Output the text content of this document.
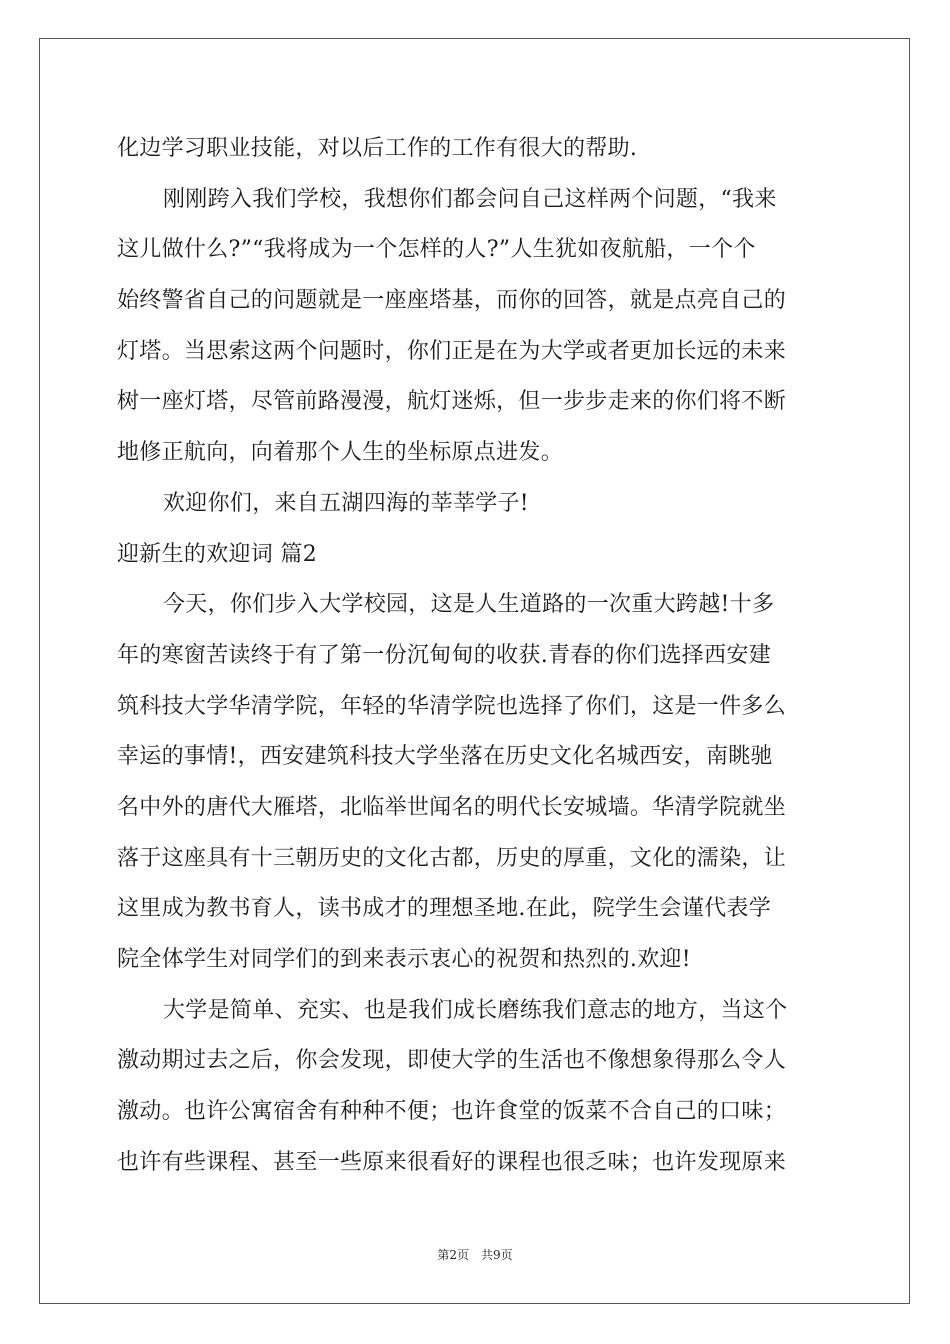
化边学习职业技能，对以后工作的工作有很大的帮助.
刚刚跨入我们学校，我想你们都会问自己这样两个问题，“我来
这儿做什么?”“我将成为一个怎样的人?”人生犹如夜航船，一个个
始终警省自己的问题就是一座座塔基，而你的回答，就是点亮自己的
灯塔。当思索这两个问题时，你们正是在为大学或者更加长远的未来
树一座灯塔，尽管前路漫漫，航灯迷烁，但一步步走来的你们将不断
地修正航向，向着那个人生的坐标原点进发。
欢迎你们，来自五湖四海的莘莘学子!
迎新生的欢迎词 篇2
今天，你们步入大学校园，这是人生道路的一次重大跨越!十多
年的寒窗苦读终于有了第一份沉甸甸的收获.青春的你们选择西安建
筑科技大学华清学院，年轻的华清学院也选择了你们，这是一件多么
幸运的事情!，西安建筑科技大学坐落在历史文化名城西安，南眺驰
名中外的唐代大雁塔，北临举世闻名的明代长安城墙。华清学院就坐
落于这座具有十三朝历史的文化古都，历史的厚重，文化的濡染，让
这里成为教书育人，读书成才的理想圣地.在此，院学生会谨代表学
院全体学生对同学们的到来表示衷心的祝贺和热烈的.欢迎!
大学是简单、充实、也是我们成长磨练我们意志的地方，当这个
激动期过去之后，你会发现，即使大学的生活也不像想象得那么令人
激动。也许公寓宿舍有种种不便；也许食堂的饭菜不合自己的口味；
也许有些课程、甚至一些原来很看好的课程也很乏味；也许发现原来
第2页　共9页
